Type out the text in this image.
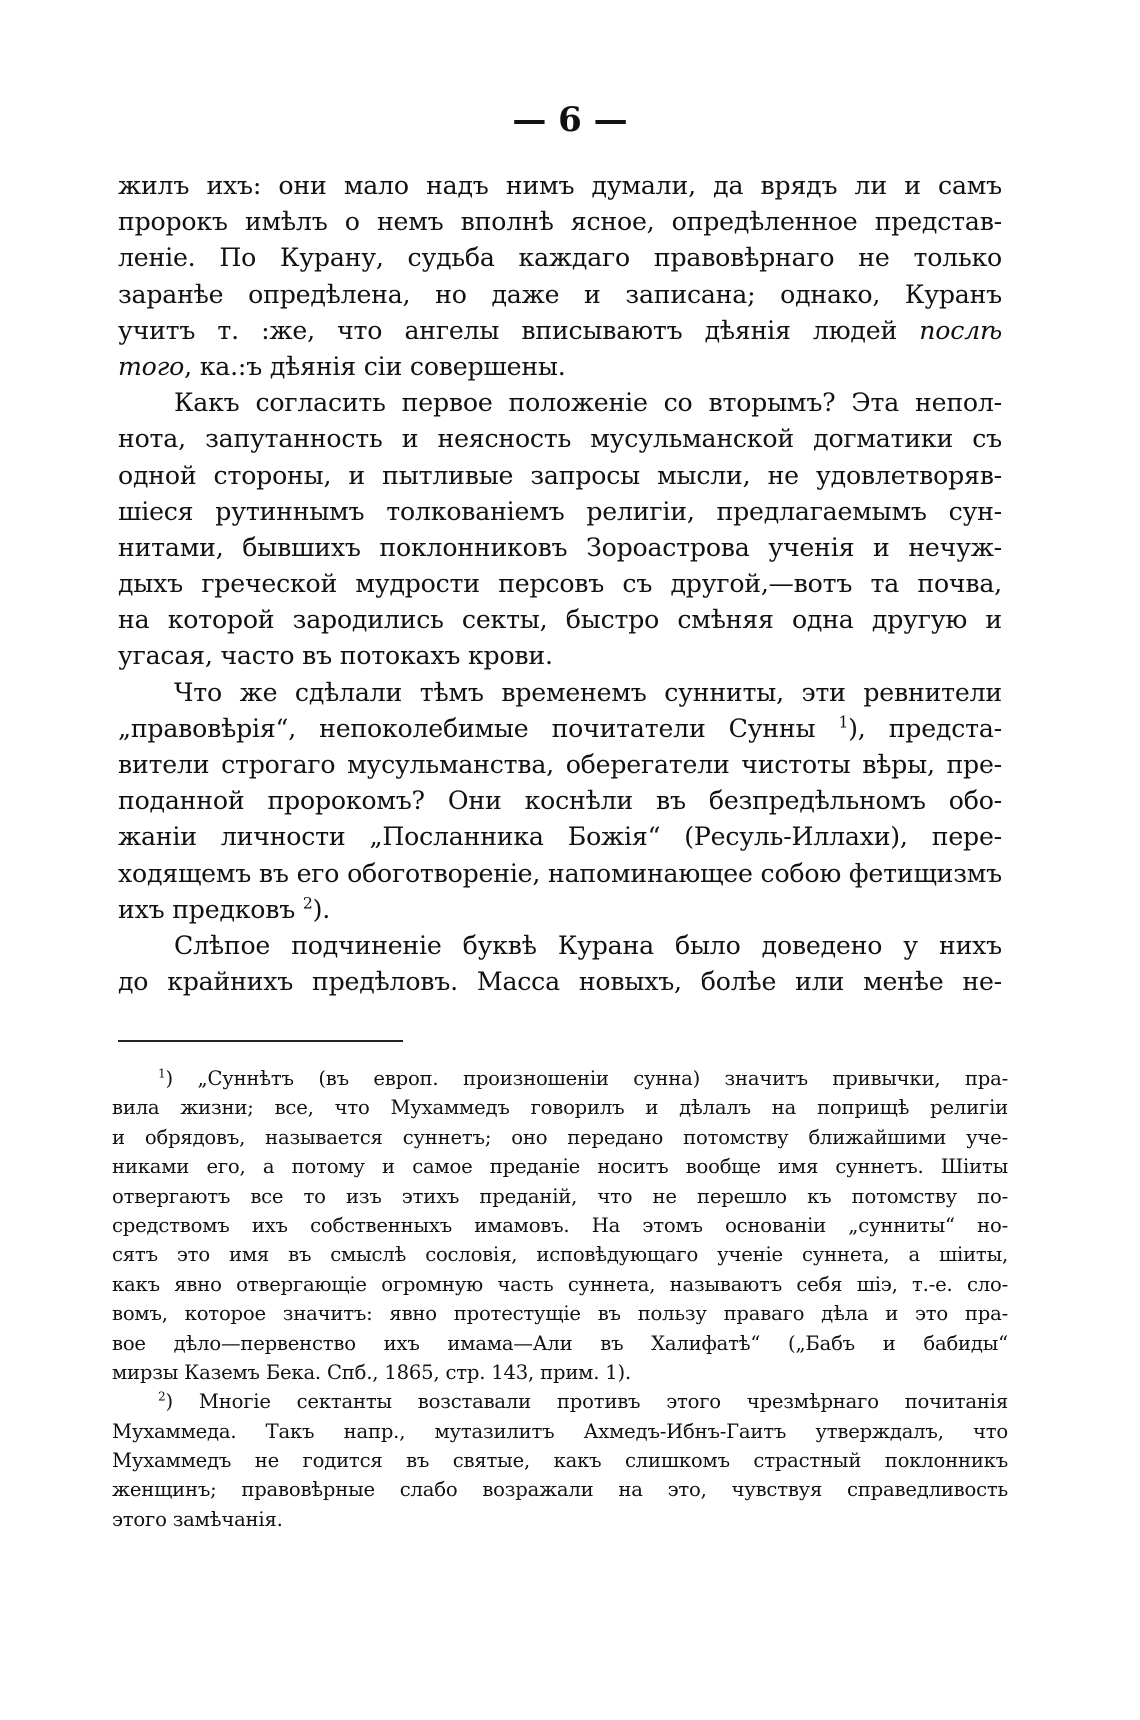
— 6 —
жилъ ихъ: они мало надъ нимъ думали, да врядъ ли и самъ
пророкъ имѣлъ о немъ вполнѣ ясное, опредѣленное представ-
леніе. По Курану, судьба каждаго правовѣрнаго не только
заранѣе опредѣлена, но даже и записана; однако, Куранъ
учитъ т. :же, что ангелы вписываютъ дѣянія людей послѣ
того, ка.:ъ дѣянія сіи совершены.
Какъ согласить первое положеніе со вторымъ? Эта непол-
нота, запутанность и неясность мусульманской догматики съ
одной стороны, и пытливые запросы мысли, не удовлетворяв-
шіеся рутиннымъ толкованіемъ религіи, предлагаемымъ сун-
нитами, бывшихъ поклонниковъ Зороастрова ученія и нечуж-
дыхъ греческой мудрости персовъ съ другой,—вотъ та почва,
на которой зародились секты, быстро смѣняя одна другую и
угасая, часто въ потокахъ крови.
Что же сдѣлали тѣмъ временемъ сунниты, эти ревнители
„правовѣрія“, непоколебимые почитатели Сунны $^1$), предста-
вители строгаго мусульманства, оберегатели чистоты вѣры, пре-
поданной пророкомъ? Они коснѣли въ безпредѣльномъ обо-
жаніи личности „Посланника Божія“ (Ресуль-Иллахи), пере-
ходящемъ въ его обоготвореніе, напоминающее собою фетищизмъ
ихъ предковъ $^2$).
Слѣпое подчиненіе буквѣ Курана было доведено у нихъ
до крайнихъ предѣловъ. Масса новыхъ, болѣе или менѣе не-
$^1$) „Суннѣтъ (въ европ. произношеніи сунна) значитъ привычки, пра-
вила жизни; все, что Мухаммедъ говорилъ и дѣлалъ на поприщѣ религіи
и обрядовъ, называется суннетъ; оно передано потомству ближайшими уче-
никами его, а потому и самое преданіе носитъ вообще имя суннетъ. Шіиты
отвергаютъ все то изъ этихъ преданій, что не перешло къ потомству по-
средствомъ ихъ собственныхъ имамовъ. На этомъ основаніи „сунниты“ но-
сятъ это имя въ смыслѣ сословія, исповѣдующаго ученіе суннета, а шіиты,
какъ явно отвергающіе огромную часть суннета, называютъ себя шіэ, т.-е. сло-
вомъ, которое значитъ: явно протестущіе въ пользу праваго дѣла и это пра-
вое дѣло—первенство ихъ имама—Али въ Халифатѣ“ („Бабъ и бабиды“
мирзы Каземъ Бека. Спб., 1865, стр. 143, прим. 1).
$^2$) Многіе сектанты возставали противъ этого чрезмѣрнаго почитанія
Мухаммеда. Такъ напр., мутазилитъ Ахмедъ-Ибнъ-Гаитъ утверждалъ, что
Мухаммедъ не годится въ святые, какъ слишкомъ страстный поклонникъ
женщинъ; правовѣрные слабо возражали на это, чувствуя справедливость
этого замѣчанія.
